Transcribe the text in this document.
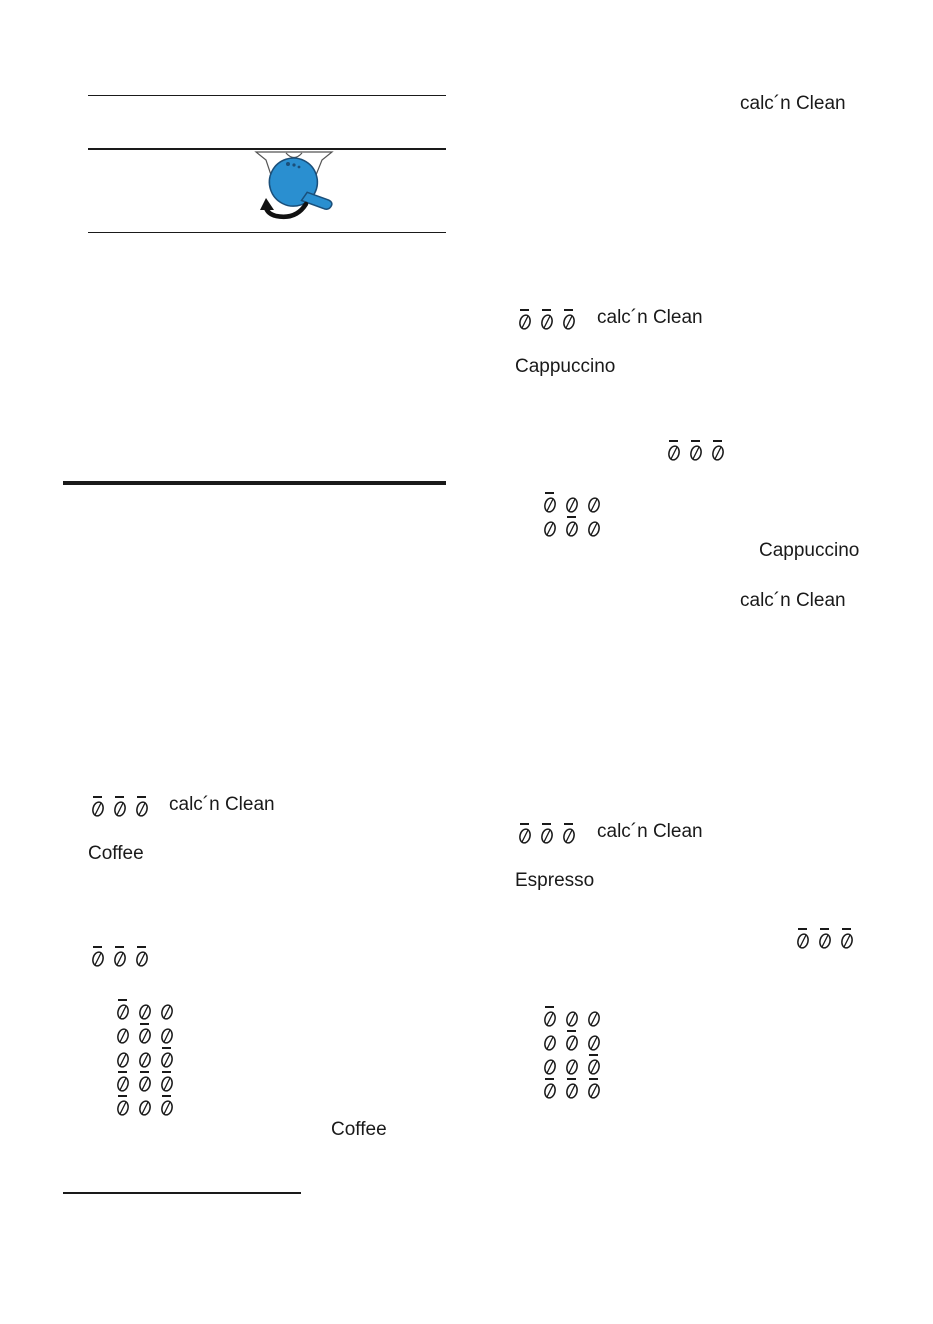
calc´n Clean
Coffee
Coffee
calc´n Clean
calc´n Clean
Cappuccino
Cappuccino
calc´n Clean
calc´n Clean
Espresso
